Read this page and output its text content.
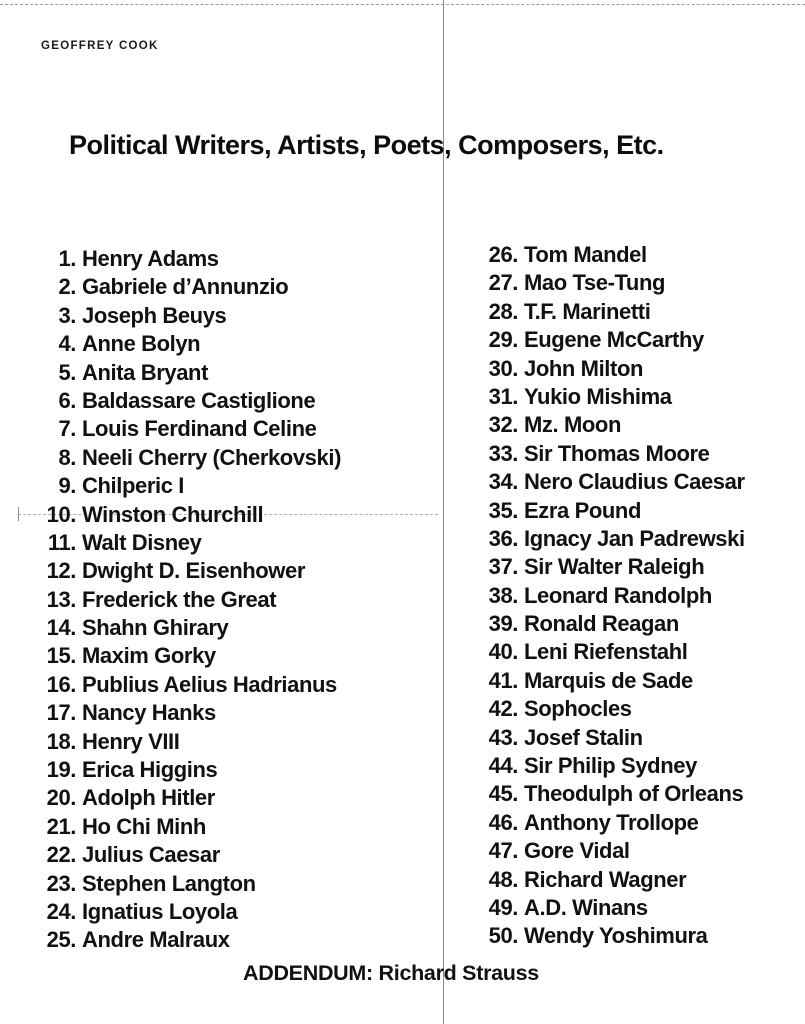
GEOFFREY COOK
Political Writers, Artists, Poets, Composers, Etc.
1. Henry Adams
2. Gabriele d’Annunzio
3. Joseph Beuys
4. Anne Bolyn
5. Anita Bryant
6. Baldassare Castiglione
7. Louis Ferdinand Celine
8. Neeli Cherry (Cherkovski)
9. Chilperic I
10. Winston Churchill
11. Walt Disney
12. Dwight D. Eisenhower
13. Frederick the Great
14. Shahn Ghirary
15. Maxim Gorky
16. Publius Aelius Hadrianus
17. Nancy Hanks
18. Henry VIII
19. Erica Higgins
20. Adolph Hitler
21. Ho Chi Minh
22. Julius Caesar
23. Stephen Langton
24. Ignatius Loyola
25. Andre Malraux
26. Tom Mandel
27. Mao Tse-Tung
28. T.F. Marinetti
29. Eugene McCarthy
30. John Milton
31. Yukio Mishima
32. Mz. Moon
33. Sir Thomas Moore
34. Nero Claudius Caesar
35. Ezra Pound
36. Ignacy Jan Padrewski
37. Sir Walter Raleigh
38. Leonard Randolph
39. Ronald Reagan
40. Leni Riefenstahl
41. Marquis de Sade
42. Sophocles
43. Josef Stalin
44. Sir Philip Sydney
45. Theodulph of Orleans
46. Anthony Trollope
47. Gore Vidal
48. Richard Wagner
49. A.D. Winans
50. Wendy Yoshimura
ADDENDUM: Richard Strauss
